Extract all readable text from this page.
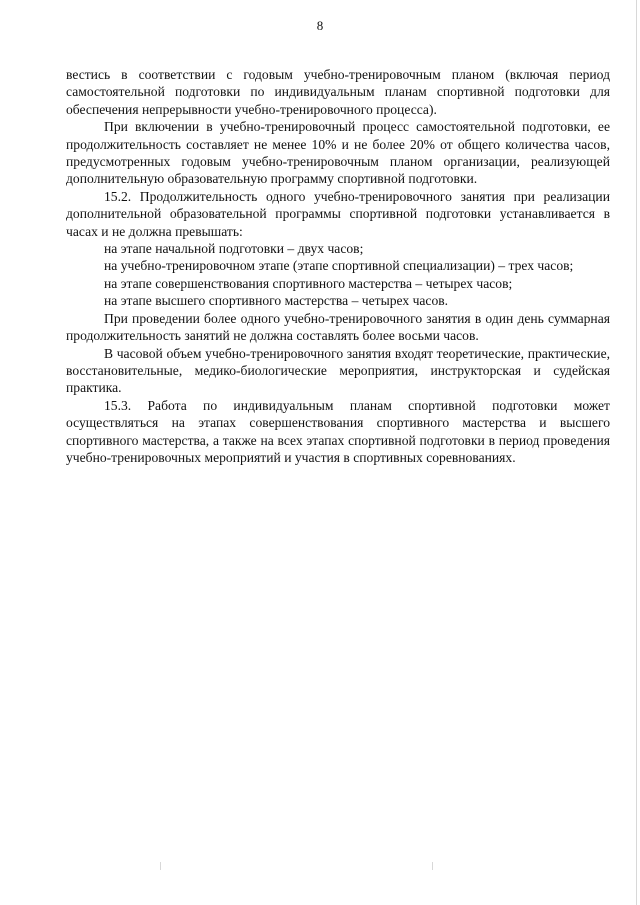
8

вестись в соответствии с годовым учебно-тренировочным планом (включая период самостоятельной подготовки по индивидуальным планам спортивной подготовки для обеспечения непрерывности учебно-тренировочного процесса).

При включении в учебно-тренировочный процесс самостоятельной подготовки, ее продолжительность составляет не менее 10% и не более 20% от общего количества часов, предусмотренных годовым учебно-тренировочным планом организации, реализующей дополнительную образовательную программу спортивной подготовки.

15.2. Продолжительность одного учебно-тренировочного занятия при реализации дополнительной образовательной программы спортивной подготовки устанавливается в часах и не должна превышать:

на этапе начальной подготовки – двух часов;

на учебно-тренировочном этапе (этапе спортивной специализации) – трех часов;

на этапе совершенствования спортивного мастерства – четырех часов;

на этапе высшего спортивного мастерства – четырех часов.

При проведении более одного учебно-тренировочного занятия в один день суммарная продолжительность занятий не должна составлять более восьми часов.

В часовой объем учебно-тренировочного занятия входят теоретические, практические, восстановительные, медико-биологические мероприятия, инструкторская и судейская практика.

15.3. Работа по индивидуальным планам спортивной подготовки может осуществляться на этапах совершенствования спортивного мастерства и высшего спортивного мастерства, а также на всех этапах спортивной подготовки в период проведения учебно-тренировочных мероприятий и участия в спортивных соревнованиях.
